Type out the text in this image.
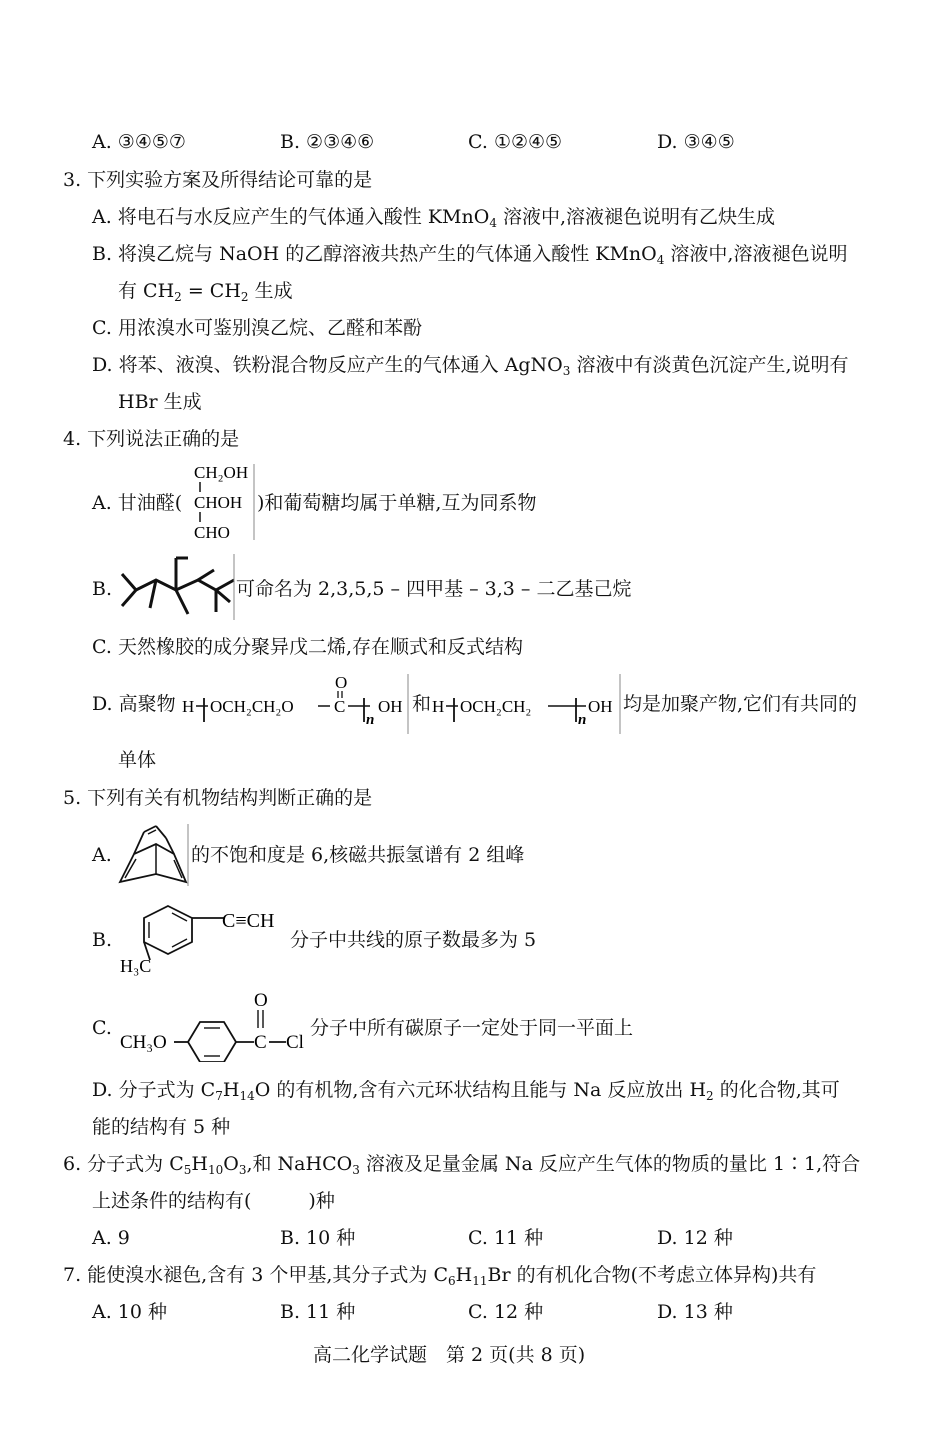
A. ③④⑤⑦	B. ②③④⑥	C. ①②④⑤	D. ③④⑤
3. 下列实验方案及所得结论可靠的是
A. 将电石与水反应产生的气体通入酸性 KMnO$_4$ 溶液中,溶液褪色说明有乙炔生成
B. 将溴乙烷与 NaOH 的乙醇溶液共热产生的气体通入酸性 KMnO$_4$ 溶液中,溶液褪色说明
有 $CH_2 = CH_2$ 生成
C. 用浓溴水可鉴别溴乙烷、乙醛和苯酚
D. 将苯、液溴、铁粉混合物反应产生的气体通入 AgNO$_3$ 溶液中有淡黄色沉淀产生,说明有
HBr 生成
4. 下列说法正确的是
A. 甘油醛(
CH₂OH
CHOH
CHO
)和葡萄糖均属于单糖,互为同系物
B.	可命名为 2,3,5,5 – 四甲基 – 3,3 – 二乙基己烷
C. 天然橡胶的成分聚异戊二烯,存在顺式和反式结构
D. 高聚物 H OCH₂CH₂O C
O
n
OH 和 H OCH₂CH₂
n
OH 均是加聚产物,它们有共同的
单体
5. 下列有关有机物结构判断正确的是
A.	的不饱和度是 6,核磁共振氢谱有 2 组峰
B.
C≡CH
H₃C
分子中共线的原子数最多为 5
C.
CH₃O	C
O
Cl
分子中所有碳原子一定处于同一平面上
D. 分子式为 $C_7H_{14}O$ 的有机物,含有六元环状结构且能与 Na 反应放出 $H_2$ 的化合物,其可
能的结构有 5 种
6. 分子式为 $C_5H_{10}O_3$,和 NaHCO$_3$ 溶液及足量金属 Na 反应产生气体的物质的量比 1∶1,符合
上述条件的结构有(　　　)种
A. 9	B. 10 种	C. 11 种	D. 12 种
7. 能使溴水褪色,含有 3 个甲基,其分子式为 $C_6H_{11}Br$ 的有机化合物(不考虑立体异构)共有
A. 10 种	B. 11 种	C. 12 种	D. 13 种
高二化学试题　第 2 页(共 8 页)
